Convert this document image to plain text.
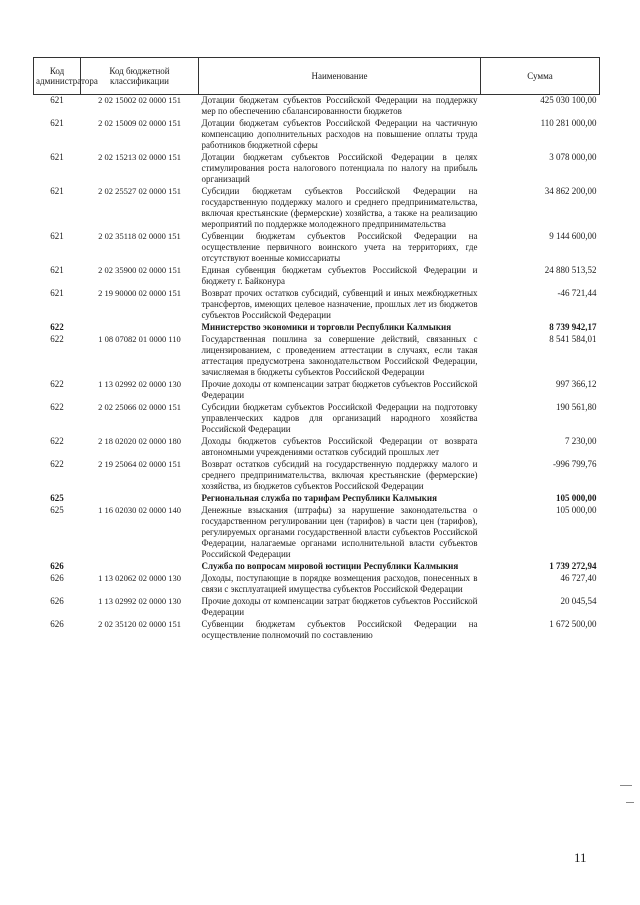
Код администратора	Код бюджетной классификации	Наименование	Сумма
621	2 02 15002 02 0000 151	Дотации бюджетам субъектов Российской Федерации на поддержку мер по обеспечению сбалансированности бюджетов	425 030 100,00
621	2 02 15009 02 0000 151	Дотации бюджетам субъектов Российской Федерации на частичную компенсацию дополнительных расходов на повышение оплаты труда работников бюджетной сферы	110 281 000,00
621	2 02 15213 02 0000 151	Дотации бюджетам субъектов Российской Федерации в целях стимулирования роста налогового потенциала по налогу на прибыль организаций	3 078 000,00
621	2 02 25527 02 0000 151	Субсидии бюджетам субъектов Российской Федерации на государственную поддержку малого и среднего предпринимательства, включая крестьянские (фермерские) хозяйства, а также на реализацию мероприятий по поддержке молодежного предпринимательства	34 862 200,00
621	2 02 35118 02 0000 151	Субвенции бюджетам субъектов Российской Федерации на осуществление первичного воинского учета на территориях, где отсутствуют военные комиссариаты	9 144 600,00
621	2 02 35900 02 0000 151	Единая субвенция бюджетам субъектов Российской Федерации и бюджету г. Байконура	24 880 513,52
621	2 19 90000 02 0000 151	Возврат прочих остатков субсидий, субвенций и иных межбюджетных трансфертов, имеющих целевое назначение, прошлых лет из бюджетов субъектов Российской Федерации	-46 721,44
622		Министерство экономики и торговли Республики Калмыкия	8 739 942,17
622	1 08 07082 01 0000 110	Государственная пошлина за совершение действий, связанных с лицензированием, с проведением аттестации в случаях, если такая аттестация предусмотрена законодательством Российской Федерации, зачисляемая в бюджеты субъектов Российской Федерации	8 541 584,01
622	1 13 02992 02 0000 130	Прочие доходы от компенсации затрат бюджетов субъектов Российской Федерации	997 366,12
622	2 02 25066 02 0000 151	Субсидии бюджетам субъектов Российской Федерации на подготовку управленческих кадров для организаций народного хозяйства Российской Федерации	190 561,80
622	2 18 02020 02 0000 180	Доходы бюджетов субъектов Российской Федерации от возврата автономными учреждениями остатков субсидий прошлых лет	7 230,00
622	2 19 25064 02 0000 151	Возврат остатков субсидий на государственную поддержку малого и среднего предпринимательства, включая крестьянские (фермерские) хозяйства, из бюджетов субъектов Российской Федерации	-996 799,76
625		Региональная служба по тарифам Республики Калмыкия	105 000,00
625	1 16 02030 02 0000 140	Денежные взыскания (штрафы) за нарушение законодательства о государственном регулировании цен (тарифов) в части цен (тарифов), регулируемых органами государственной власти субъектов Российской Федерации, налагаемые органами исполнительной власти субъектов Российской Федерации	105 000,00
626		Служба по вопросам мировой юстиции Республики Калмыкия	1 739 272,94
626	1 13 02062 02 0000 130	Доходы, поступающие в порядке возмещения расходов, понесенных в связи с эксплуатацией имущества субъектов Российской Федерации	46 727,40
626	1 13 02992 02 0000 130	Прочие доходы от компенсации затрат бюджетов субъектов Российской Федерации	20 045,54
626	2 02 35120 02 0000 151	Субвенции бюджетам субъектов Российской Федерации на осуществление полномочий по составлению	1 672 500,00
11
